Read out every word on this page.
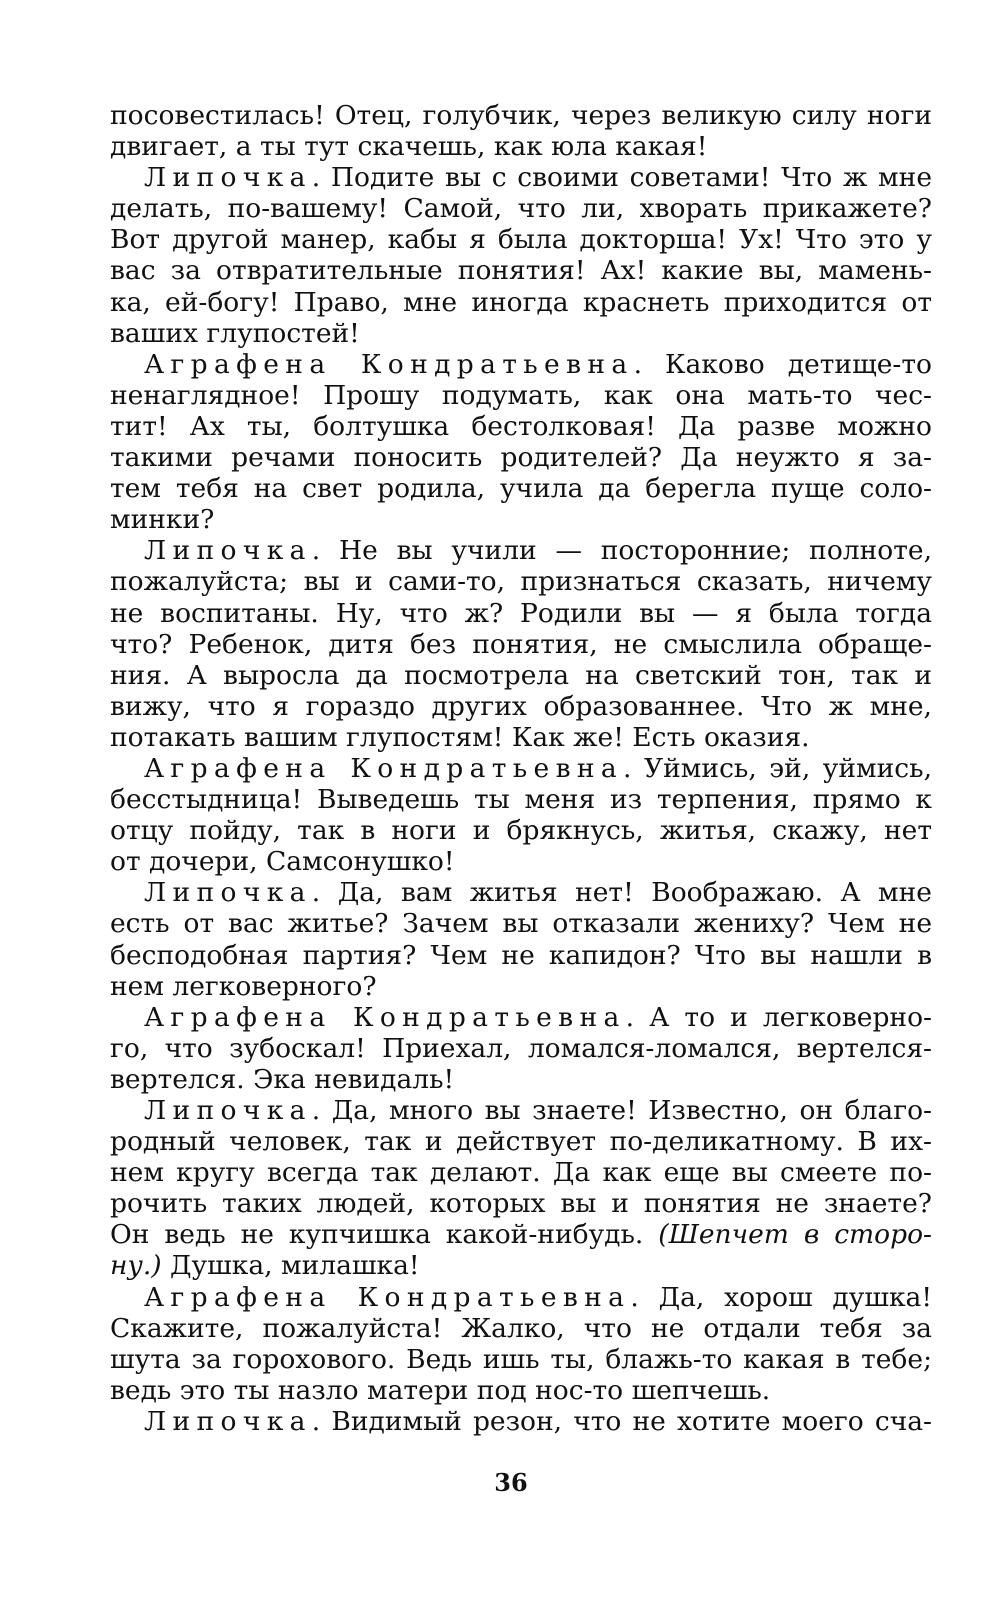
посовестилась! Отец, голубчик, через великую силу ноги
двигает, а ты тут скачешь, как юла какая!
Липочка. Подите вы с своими советами! Что ж мне
делать, по-вашему! Самой, что ли, хворать прикажете?
Вот другой манер, кабы я была докторша! Ух! Что это у
вас за отвратительные понятия! Ах! какие вы, мамень-
ка, ей-богу! Право, мне иногда краснеть приходится от
ваших глупостей!
Аграфена Кондратьевна. Каково детище-то
ненаглядное! Прошу подумать, как она мать-то чес-
тит! Ах ты, болтушка бестолковая! Да разве можно
такими речами поносить родителей? Да неужто я за-
тем тебя на свет родила, учила да берегла пуще соло-
минки?
Липочка. Не вы учили — посторонние; полноте,
пожалуйста; вы и сами-то, признаться сказать, ничему
не воспитаны. Ну, что ж? Родили вы — я была тогда
что? Ребенок, дитя без понятия, не смыслила обраще-
ния. А выросла да посмотрела на светский тон, так и
вижу, что я гораздо других образованнее. Что ж мне,
потакать вашим глупостям! Как же! Есть оказия.
Аграфена Кондратьевна. Уймись, эй, уймись,
бесстыдница! Выведешь ты меня из терпения, прямо к
отцу пойду, так в ноги и брякнусь, житья, скажу, нет
от дочери, Самсонушко!
Липочка. Да, вам житья нет! Воображаю. А мне
есть от вас житье? Зачем вы отказали жениху? Чем не
бесподобная партия? Чем не капидон? Что вы нашли в
нем легковерного?
Аграфена Кондратьевна. А то и легковерно-
го, что зубоскал! Приехал, ломался-ломался, вертелся-
вертелся. Эка невидаль!
Липочка. Да, много вы знаете! Известно, он благо-
родный человек, так и действует по-деликатному. В их-
нем кругу всегда так делают. Да как еще вы смеете по-
рочить таких людей, которых вы и понятия не знаете?
Он ведь не купчишка какой-нибудь. (Шепчет в сторо-
ну.) Душка, милашка!
Аграфена Кондратьевна. Да, хорош душка!
Скажите, пожалуйста! Жалко, что не отдали тебя за
шута за горохового. Ведь ишь ты, блажь-то какая в тебе;
ведь это ты назло матери под нос-то шепчешь.
Липочка. Видимый резон, что не хотите моего сча-
36
